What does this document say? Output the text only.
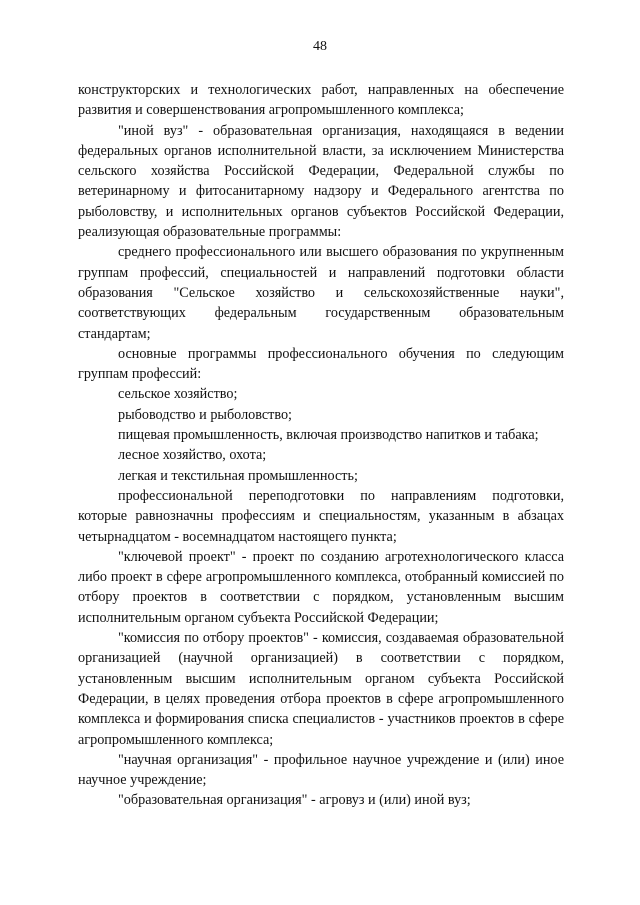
48

конструкторских и технологических работ, направленных на обеспечение развития и совершенствования агропромышленного комплекса;

"иной вуз" - образовательная организация, находящаяся в ведении федеральных органов исполнительной власти, за исключением Министерства сельского хозяйства Российской Федерации, Федеральной службы по ветеринарному и фитосанитарному надзору и Федерального агентства по рыболовству, и исполнительных органов субъектов Российской Федерации, реализующая образовательные программы:

среднего профессионального или высшего образования по укрупненным группам профессий, специальностей и направлений подготовки области образования "Сельское хозяйство и сельскохозяйственные науки", соответствующих федеральным государственным образовательным стандартам;

основные программы профессионального обучения по следующим группам профессий:

сельское хозяйство;

рыбоводство и рыболовство;

пищевая промышленность, включая производство напитков и табака;

лесное хозяйство, охота;

легкая и текстильная промышленность;

профессиональной переподготовки по направлениям подготовки, которые равнозначны профессиям и специальностям, указанным в абзацах четырнадцатом - восемнадцатом настоящего пункта;

"ключевой проект" - проект по созданию агротехнологического класса либо проект в сфере агропромышленного комплекса, отобранный комиссией по отбору проектов в соответствии с порядком, установленным высшим исполнительным органом субъекта Российской Федерации;

"комиссия по отбору проектов" - комиссия, создаваемая образовательной организацией (научной организацией) в соответствии с порядком, установленным высшим исполнительным органом субъекта Российской Федерации, в целях проведения отбора проектов в сфере агропромышленного комплекса и формирования списка специалистов - участников проектов в сфере агропромышленного комплекса;

"научная организация" - профильное научное учреждение и (или) иное научное учреждение;

"образовательная организация" - агровуз и (или) иной вуз;
